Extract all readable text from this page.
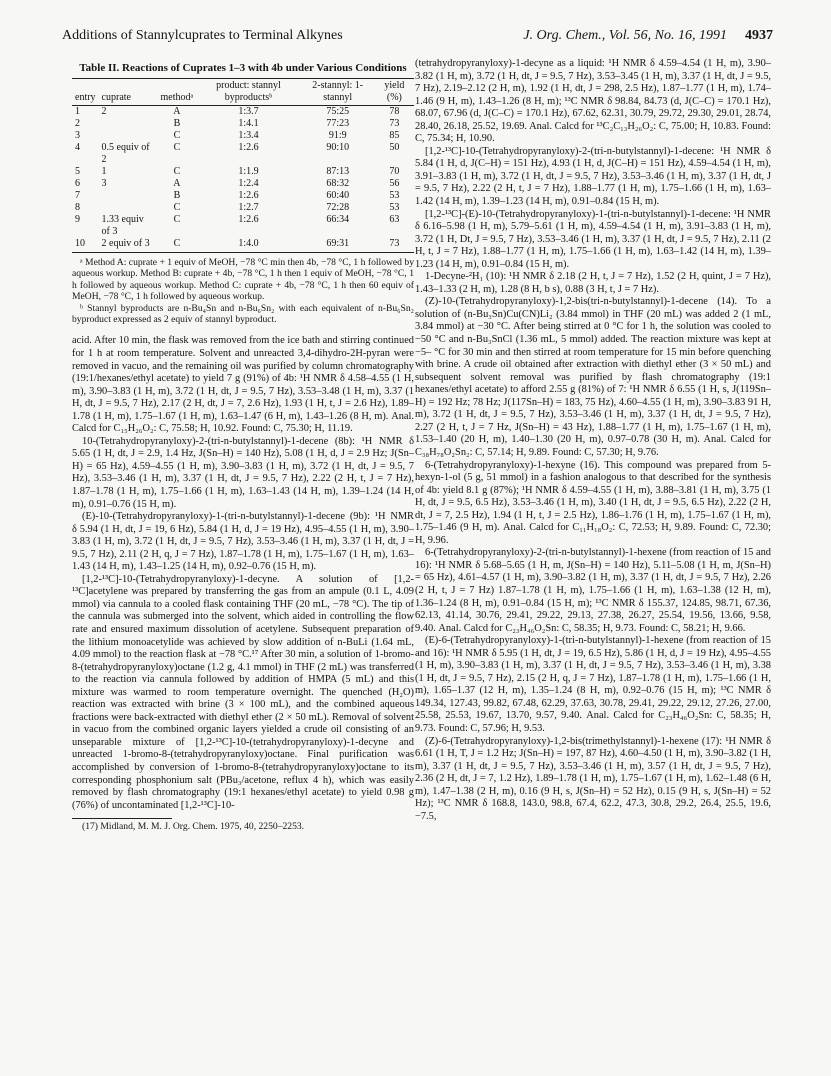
Additions of Stannylcuprates to Terminal Alkynes	J. Org. Chem., Vol. 56, No. 16, 1991 4937
Table II. Reactions of Cuprates 1–3 with 4b under Various Conditions
entry	cuprate	methodᵃ	product: stannyl byproductsᵇ	2-stannyl: 1-stannyl	yield (%)
1	2	A	1:3.7	75:25	78
2		B	1:4.1	77:23	73
3		C	1:3.4	91:9	85
4	0.5 equiv of 2	C	1:2.6	90:10	50
5	1	C	1:1.9	87:13	70
6	3	A	1:2.4	68:32	56
7		B	1:2.6	60:40	53
8		C	1:2.7	72:28	53
9	1.33 equiv of 3	C	1:2.6	66:34	63
10	2 equiv of 3	C	1:4.0	69:31	73

ᵃ Method A: cuprate + 1 equiv of MeOH, −78 °C min then 4b, −78 °C, 1 h followed by aqueous workup. Method B: cuprate + 4b, −78 °C, 1 h then 1 equiv of MeOH, −78 °C, 1 h followed by aqueous workup. Method C: cuprate + 4b, −78 °C, 1 h then 60 equiv of MeOH, −78 °C, 1 h followed by aqueous workup.

ᵇ Stannyl byproducts are n-Bu₄Sn and n-Bu₆Sn₂ with each equivalent of n-Bu₆Sn₂ byproduct expressed as 2 equiv of stannyl byproduct.

acid. After 10 min, the flask was removed from the ice bath and stirring continued for 1 h at room temperature. Solvent and unreacted 3,4-dihydro-2H-pyran were removed in vacuo, and the remaining oil was purified by column chromatography (19:1/hexanes/ethyl acetate) to yield 7 g (91%) of 4b: ¹H NMR δ 4.58–4.55 (1 H, m), 3.90–3.83 (1 H, m), 3.72 (1 H, dt, J = 9.5, 7 Hz), 3.53–3.48 (1 H, m), 3.37 (1 H, dt, J = 9.5, 7 Hz), 2.17 (2 H, dt, J = 7, 2.6 Hz), 1.93 (1 H, t, J = 2.6 Hz), 1.89–1.78 (1 H, m), 1.75–1.67 (1 H, m), 1.63–1.47 (6 H, m), 1.43–1.26 (8 H, m). Anal. Calcd for C₁₅H₂₆O₂: C, 75.58; H, 10.92. Found: C, 75.30; H, 11.19.

10-(Tetrahydropyranyloxy)-2-(tri-n-butylstannyl)-1-decene (8b): ¹H NMR δ 5.65 (1 H, dt, J = 2.9, 1.4 Hz, J(Sn–H) = 140 Hz), 5.08 (1 H, d, J = 2.9 Hz; J(Sn–H) = 65 Hz), 4.59–4.55 (1 H, m), 3.90–3.83 (1 H, m), 3.72 (1 H, dt, J = 9.5, 7 Hz), 3.53–3.46 (1 H, m), 3.37 (1 H, dt, J = 9.5, 7 Hz), 2.22 (2 H, t, J = 7 Hz), 1.87–1.78 (1 H, m), 1.75–1.66 (1 H, m), 1.63–1.43 (14 H, m), 1.39–1.24 (14 H, m), 0.91–0.76 (15 H, m).

(E)-10-(Tetrahydropyranyloxy)-1-(tri-n-butylstannyl)-1-decene (9b): ¹H NMR δ 5.94 (1 H, dt, J = 19, 6 Hz), 5.84 (1 H, d, J = 19 Hz), 4.95–4.55 (1 H, m), 3.90–3.83 (1 H, m), 3.72 (1 H, dt, J = 9.5, 7 Hz), 3.53–3.46 (1 H, m), 3.37 (1 H, dt, J = 9.5, 7 Hz), 2.11 (2 H, q, J = 7 Hz), 1.87–1.78 (1 H, m), 1.75–1.67 (1 H, m), 1.63–1.43 (14 H, m), 1.43–1.25 (14 H, m), 0.92–0.76 (15 H, m).

[1,2-¹³C]-10-(Tetrahydropyranyloxy)-1-decyne. A solution of [1,2-¹³C]acetylene was prepared by transferring the gas from an ampule (0.1 L, 4.09 mmol) via cannula to a cooled flask containing THF (20 mL, −78 °C). The tip of the cannula was submerged into the solvent, which aided in controlling the flow rate and ensured maximum dissolution of acetylene. Subsequent preparation of the lithium monoacetylide was achieved by slow addition of n-BuLi (1.64 mL, 4.09 mmol) to the reaction flask at −78 °C.¹⁷ After 30 min, a solution of 1-bromo-8-(tetrahydropyranyloxy)octane (1.2 g, 4.1 mmol) in THF (2 mL) was transferred to the reaction via cannula followed by addition of HMPA (5 mL) and this mixture was warmed to room temperature overnight. The quenched (H₂O) reaction was extracted with brine (3 × 100 mL), and the combined aqueous fractions were back-extracted with diethyl ether (2 × 50 mL). Removal of solvent in vacuo from the combined organic layers yielded a crude oil consisting of an unseparable mixture of [1,2-¹³C]-10-(tetrahydropyranyloxy)-1-decyne and unreacted 1-bromo-8-(tetrahydropyranyloxy)octane. Final purification was accomplished by conversion of 1-bromo-8-(tetrahydropyranyloxy)octane to its corresponding phosphonium salt (PBu₃/acetone, reflux 4 h), which was easily removed by flash chromatography (19:1 hexanes/ethyl acetate) to yield 0.98 g (76%) of uncontaminated [1,2-¹³C]-10-

(17) Midland, M. M. J. Org. Chem. 1975, 40, 2250–2253.

(tetrahydropyranyloxy)-1-decyne as a liquid: ¹H NMR δ 4.59–4.54 (1 H, m), 3.90–3.82 (1 H, m), 3.72 (1 H, dt, J = 9.5, 7 Hz), 3.53–3.45 (1 H, m), 3.37 (1 H, dt, J = 9.5, 7 Hz), 2.19–2.12 (2 H, m), 1.92 (1 H, dt, J = 298, 2.5 Hz), 1.87–1.77 (1 H, m), 1.74–1.46 (9 H, m), 1.43–1.26 (8 H, m); ¹³C NMR δ 98.84, 84.73 (d, J(C–C) = 170.1 Hz), 68.07, 67.96 (d, J(C–C) = 170.1 Hz), 67.62, 62.31, 30.79, 29.72, 29.30, 29.01, 28.74, 28.40, 26.18, 25.52, 19.69. Anal. Calcd for ¹³C₂C₁₃H₂₆O₂: C, 75.00; H, 10.83. Found: C, 75.34; H, 10.90.

[1,2-¹³C]-10-(Tetrahydropyranyloxy)-2-(tri-n-butylstannyl)-1-decene: ¹H NMR δ 5.84 (1 H, d, J(C–H) = 151 Hz), 4.93 (1 H, d, J(C–H) = 151 Hz), 4.59–4.54 (1 H, m), 3.91–3.83 (1 H, m), 3.72 (1 H, dt, J = 9.5, 7 Hz), 3.53–3.46 (1 H, m), 3.37 (1 H, dt, J = 9.5, 7 Hz), 2.22 (2 H, t, J = 7 Hz), 1.88–1.77 (1 H, m), 1.75–1.66 (1 H, m), 1.63–1.42 (14 H, m), 1.39–1.23 (14 H, m), 0.91–0.84 (15 H, m).

[1,2-¹³C]-(E)-10-(Tetrahydropyranyloxy)-1-(tri-n-butylstannyl)-1-decene: ¹H NMR δ 6.16–5.98 (1 H, m), 5.79–5.61 (1 H, m), 4.59–4.54 (1 H, m), 3.91–3.83 (1 H, m), 3.72 (1 H, Dt, J = 9.5, 7 Hz), 3.53–3.46 (1 H, m), 3.37 (1 H, dt, J = 9.5, 7 Hz), 2.11 (2 H, t, J = 7 Hz), 1.88–1.77 (1 H, m), 1.75–1.66 (1 H, m), 1.63–1.42 (14 H, m), 1.39–1.23 (14 H, m), 0.91–0.84 (15 H, m).

1-Decyne-²H₁ (10): ¹H NMR δ 2.18 (2 H, t, J = 7 Hz), 1.52 (2 H, quint, J = 7 Hz), 1.43–1.33 (2 H, m), 1.28 (8 H, b s), 0.88 (3 H, t, J = 7 Hz).

(Z)-10-(Tetrahydropyranyloxy)-1,2-bis(tri-n-butylstannyl)-1-decene (14). To a solution of (n-Bu₃Sn)Cu(CN)Li₂ (3.84 mmol) in THF (20 mL) was added 2 (1 mL, 3.84 mmol) at −30 °C. After being stirred at 0 °C for 1 h, the solution was cooled to −50 °C and n-Bu₃SnCl (1.36 mL, 5 mmol) added. The reaction mixture was kept at −5– °C for 30 min and then stirred at room temperature for 15 min before quenching with brine. A crude oil obtained after extraction with diethyl ether (3 × 50 mL) and subsequent solvent removal was purified by flash chromatography (19:1 hexanes/ethyl acetate) to afford 2.55 g (81%) of 7: ¹H NMR δ 6.55 (1 H, s, J(119Sn–H) = 192 Hz; 78 Hz; J(117Sn–H) = 183, 75 Hz), 4.60–4.55 (1 H, m), 3.90–3.83 91 H, m), 3.72 (1 H, dt, J = 9.5, 7 Hz), 3.53–3.46 (1 H, m), 3.37 (1 H, dt, J = 9.5, 7 Hz), 2.27 (2 H, t, J = 7 Hz, J(Sn–H) = 43 Hz), 1.88–1.77 (1 H, m), 1.75–1.67 (1 H, m), 1.53–1.40 (20 H, m), 1.40–1.30 (20 H, m), 0.97–0.78 (30 H, m). Anal. Calcd for C₃₈H₇₈O₂Sn₂: C, 57.14; H, 9.89. Found: C, 57.30; H, 9.76.

6-(Tetrahydropyranyloxy)-1-hexyne (16). This compound was prepared from 5-hexyn-1-ol (5 g, 51 mmol) in a fashion analogous to that described for the synthesis of 4b: yield 8.1 g (87%); ¹H NMR δ 4.59–4.55 (1 H, m), 3.88–3.81 (1 H, m), 3.75 (1 H, dt, J = 9.5, 6.5 Hz), 3.53–3.46 (1 H, m), 3.40 (1 H, dt, J = 9.5, 6.5 Hz), 2.22 (2 H, dt, J = 7, 2.5 Hz), 1.94 (1 H, t, J = 2.5 Hz), 1.86–1.76 (1 H, m), 1.75–1.67 (1 H, m), 1.75–1.46 (9 H, m). Anal. Calcd for C₁₁H₁₈O₂: C, 72.53; H, 9.89. Found: C, 72.30; H, 9.96.

6-(Tetrahydropyranyloxy)-2-(tri-n-butylstannyl)-1-hexene (from reaction of 15 and 16): ¹H NMR δ 5.68–5.65 (1 H, m, J(Sn–H) = 140 Hz), 5.11–5.08 (1 H, m, J(Sn–H) = 65 Hz), 4.61–4.57 (1 H, m), 3.90–3.82 (1 H, m), 3.37 (1 H, dt, J = 9.5, 7 Hz), 2.26 (2 H, t, J = 7 Hz) 1.87–1.78 (1 H, m), 1.75–1.66 (1 H, m), 1.63–1.38 (12 H, m), 1.36–1.24 (8 H, m), 0.91–0.84 (15 H, m); ¹³C NMR δ 155.37, 124.85, 98.71, 67.36, 62.13, 41.14, 30.76, 29.41, 29.22, 29.13, 27.38, 26.27, 25.54, 19.56, 13.66, 9.58, 9.40. Anal. Calcd for C₂₃H₄₆O₂Sn: C, 58.35; H, 9.73. Found: C, 58.21; H, 9.66.

(E)-6-(Tetrahydropyranyloxy)-1-(tri-n-butylstannyl)-1-hexene (from reaction of 15 and 16): ¹H NMR δ 5.95 (1 H, dt, J = 19, 6.5 Hz), 5.86 (1 H, d, J = 19 Hz), 4.95–4.55 (1 H, m), 3.90–3.83 (1 H, m), 3.37 (1 H, dt, J = 9.5, 7 Hz), 3.53–3.46 (1 H, m), 3.38 (1 H, dt, J = 9.5, 7 Hz), 2.15 (2 H, q, J = 7 Hz), 1.87–1.78 (1 H, m), 1.75–1.66 (1 H, m), 1.65–1.37 (12 H, m), 1.35–1.24 (8 H, m), 0.92–0.76 (15 H, m); ¹³C NMR δ 149.34, 127.43, 99.82, 67.48, 62.29, 37.63, 30.78, 29.41, 29.22, 29.12, 27.26, 27.00, 25.58, 25.53, 19.67, 13.70, 9.57, 9.40. Anal. Calcd for C₂₃H₄₆O₂Sn: C, 58.35; H, 9.73. Found: C, 57.96; H, 9.53.

(Z)-6-(Tetrahydropyranyloxy)-1,2-bis(trimethylstannyl)-1-hexene (17): ¹H NMR δ 6.61 (1 H, T, J = 1.2 Hz; J(Sn–H) = 197, 87 Hz), 4.60–4.50 (1 H, m), 3.90–3.82 (1 H, m), 3.37 (1 H, dt, J = 9.5, 7 Hz), 3.53–3.46 (1 H, m), 3.57 (1 H, dt, J = 9.5, 7 Hz), 2.36 (2 H, dt, J = 7, 1.2 Hz), 1.89–1.78 (1 H, m), 1.75–1.67 (1 H, m), 1.62–1.48 (6 H, m), 1.47–1.38 (2 H, m), 0.16 (9 H, s, J(Sn–H) = 52 Hz), 0.15 (9 H, s, J(Sn–H) = 52 Hz); ¹³C NMR δ 168.8, 143.0, 98.8, 67.4, 62.2, 47.3, 30.8, 29.2, 26.4, 25.5, 19.6, −7.5,
